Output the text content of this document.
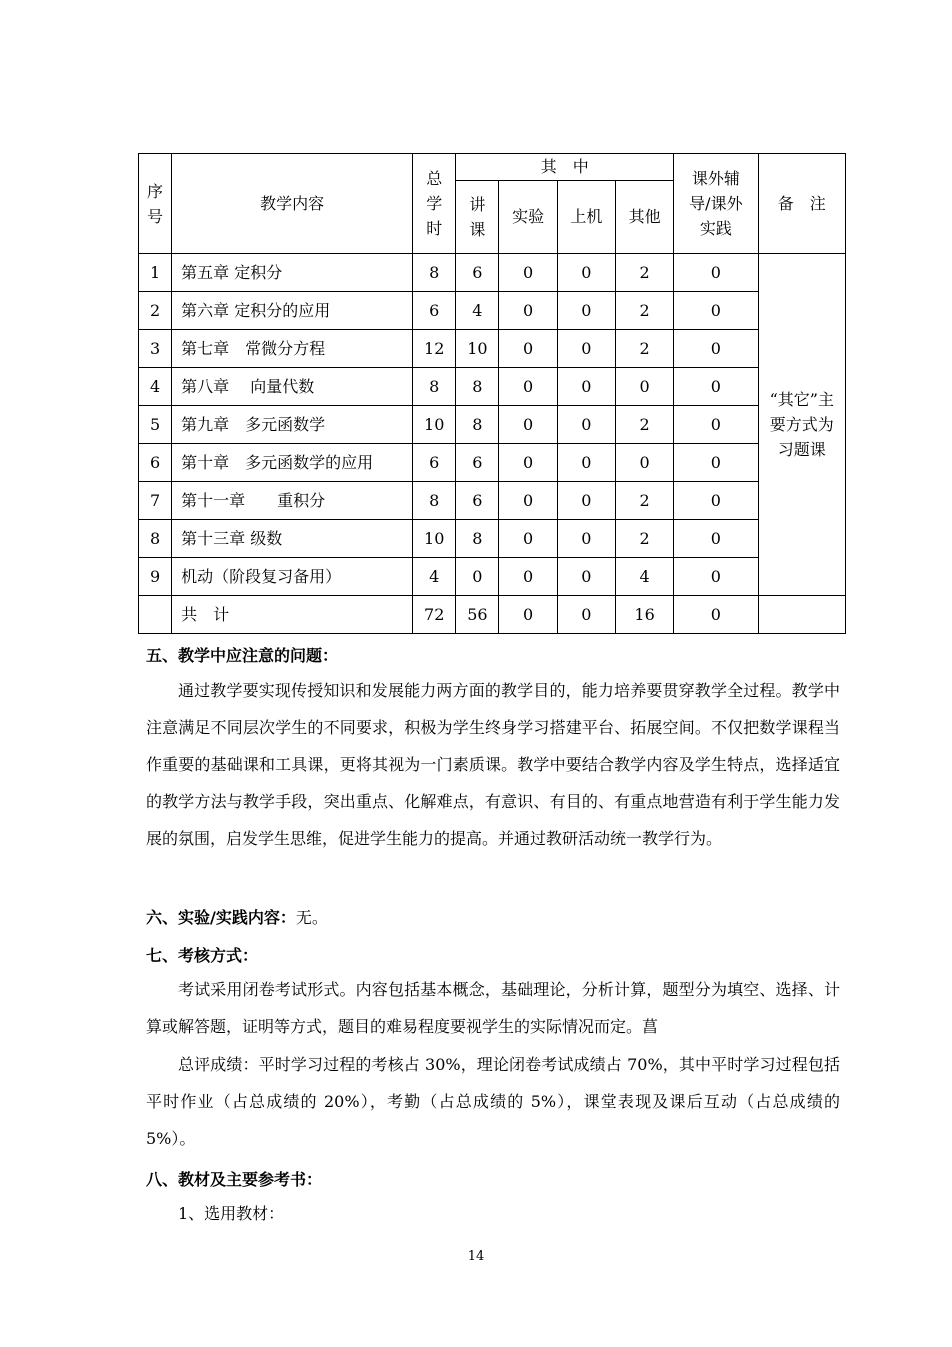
序号	教学内容	总学时	其　中				课外辅导/课外实践	备　注
			讲课	实验	上机	其他		
1	第五章 定积分	8	6	0	0	2	0	“其它”主要方式为习题课
2	第六章 定积分的应用	6	4	0	0	2	0	
3	第七章　常微分方程	12	10	0	0	2	0	
4	第八章　 向量代数	8	8	0	0	0	0	
5	第九章　多元函数学	10	8	0	0	2	0	
6	第十章　多元函数学的应用	6	6	0	0	0	0	
7	第十一章　　重积分	8	6	0	0	2	0	
8	第十三章 级数	10	8	0	0	2	0	
9	机动（阶段复习备用）	4	0	0	0	4	0	
	共　计	72	56	0	0	16	0	
五、教学中应注意的问题：
通过教学要实现传授知识和发展能力两方面的教学目的，能力培养要贯穿教学全过程。教学中注意满足不同层次学生的不同要求，积极为学生终身学习搭建平台、拓展空间。不仅把数学课程当作重要的基础课和工具课，更将其视为一门素质课。教学中要结合教学内容及学生特点，选择适宜的教学方法与教学手段，突出重点、化解难点，有意识、有目的、有重点地营造有利于学生能力发展的氛围，启发学生思维，促进学生能力的提高。并通过教研活动统一教学行为。
六、实验/实践内容：无。
七、考核方式：
考试采用闭卷考试形式。内容包括基本概念，基础理论，分析计算，题型分为填空、选择、计算或解答题，证明等方式，题目的难易程度要视学生的实际情况而定。菖
总评成绩：平时学习过程的考核占 30%，理论闭卷考试成绩占 70%，其中平时学习过程包括平时作业（占总成绩的 20%），考勤（占总成绩的 5%），课堂表现及课后互动（占总成绩的 5%）。
八、教材及主要参考书：
1、选用教材：
14
